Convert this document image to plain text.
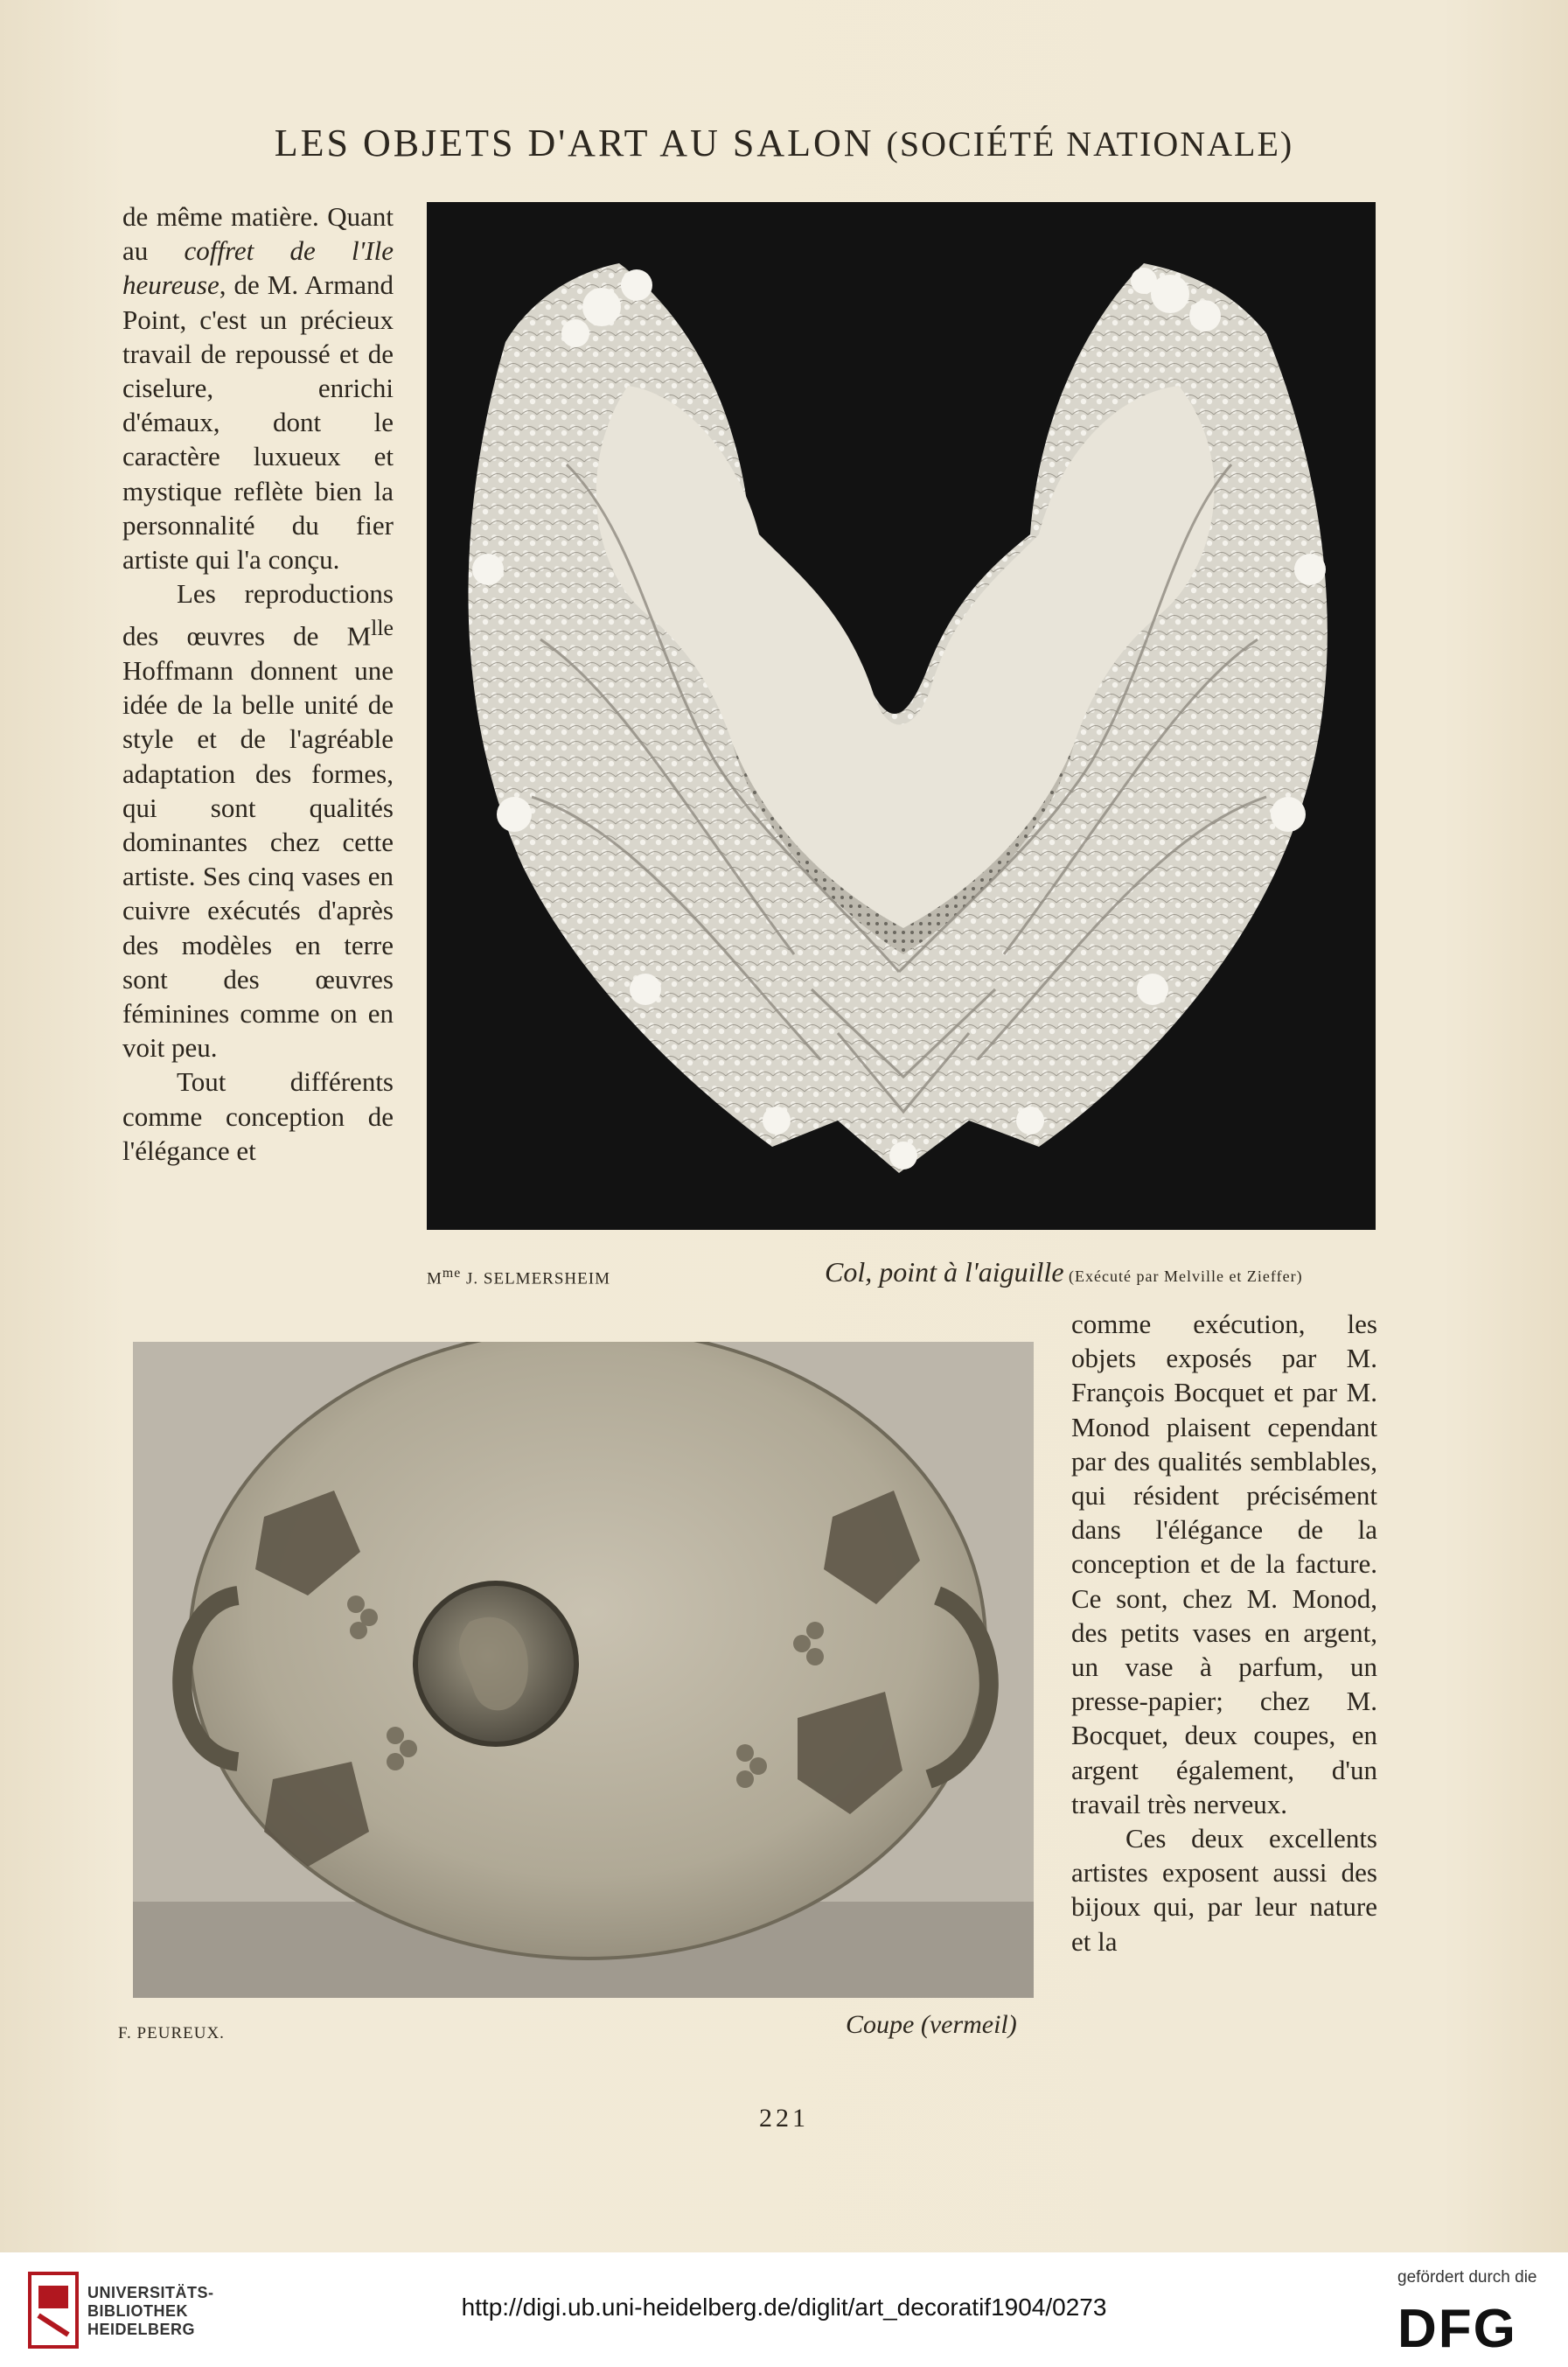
LES OBJETS D'ART AU SALON (SOCIÉTÉ NATIONALE)

de même matière. Quant au coffret de l'Ile heureuse, de M. Armand Point, c'est un précieux travail de repoussé et de ciselure, enrichi d'émaux, dont le caractère luxueux et mystique reflète bien la personnalité du fier artiste qui l'a conçu.

Les reproductions des œuvres de $M^{lle}$ Hoffmann donnent une idée de la belle unité de style et de l'agréable adaptation des formes, qui sont qualités dominantes chez cette artiste. Ses cinq vases en cuivre exécutés d'après des modèles en terre sont des œuvres féminines comme on en voit peu.

Tout différents comme conception de l'élégance et

$M^{me}$ J. SELMERSHEIM	Col, point à l'aiguille (Exécuté par Melville et Zieffer)
F. PEUREUX.	Coupe (vermeil)

comme exécution, les objets exposés par M. François Bocquet et par M. Monod plaisent cependant par des qualités semblables, qui résident précisément dans l'élégance de la conception et de la facture. Ce sont, chez M. Monod, des petits vases en argent, un vase à parfum, un presse-papier; chez M. Bocquet, deux coupes, en argent également, d'un travail très nerveux.

Ces deux excellents artistes exposent aussi des bijoux qui, par leur nature et la

221
UNIVERSITÄTS-
BIBLIOTHEK
HEIDELBERG
http://digi.ub.uni-heidelberg.de/diglit/art_decoratif1904/0273
gefördert durch die
DFG
